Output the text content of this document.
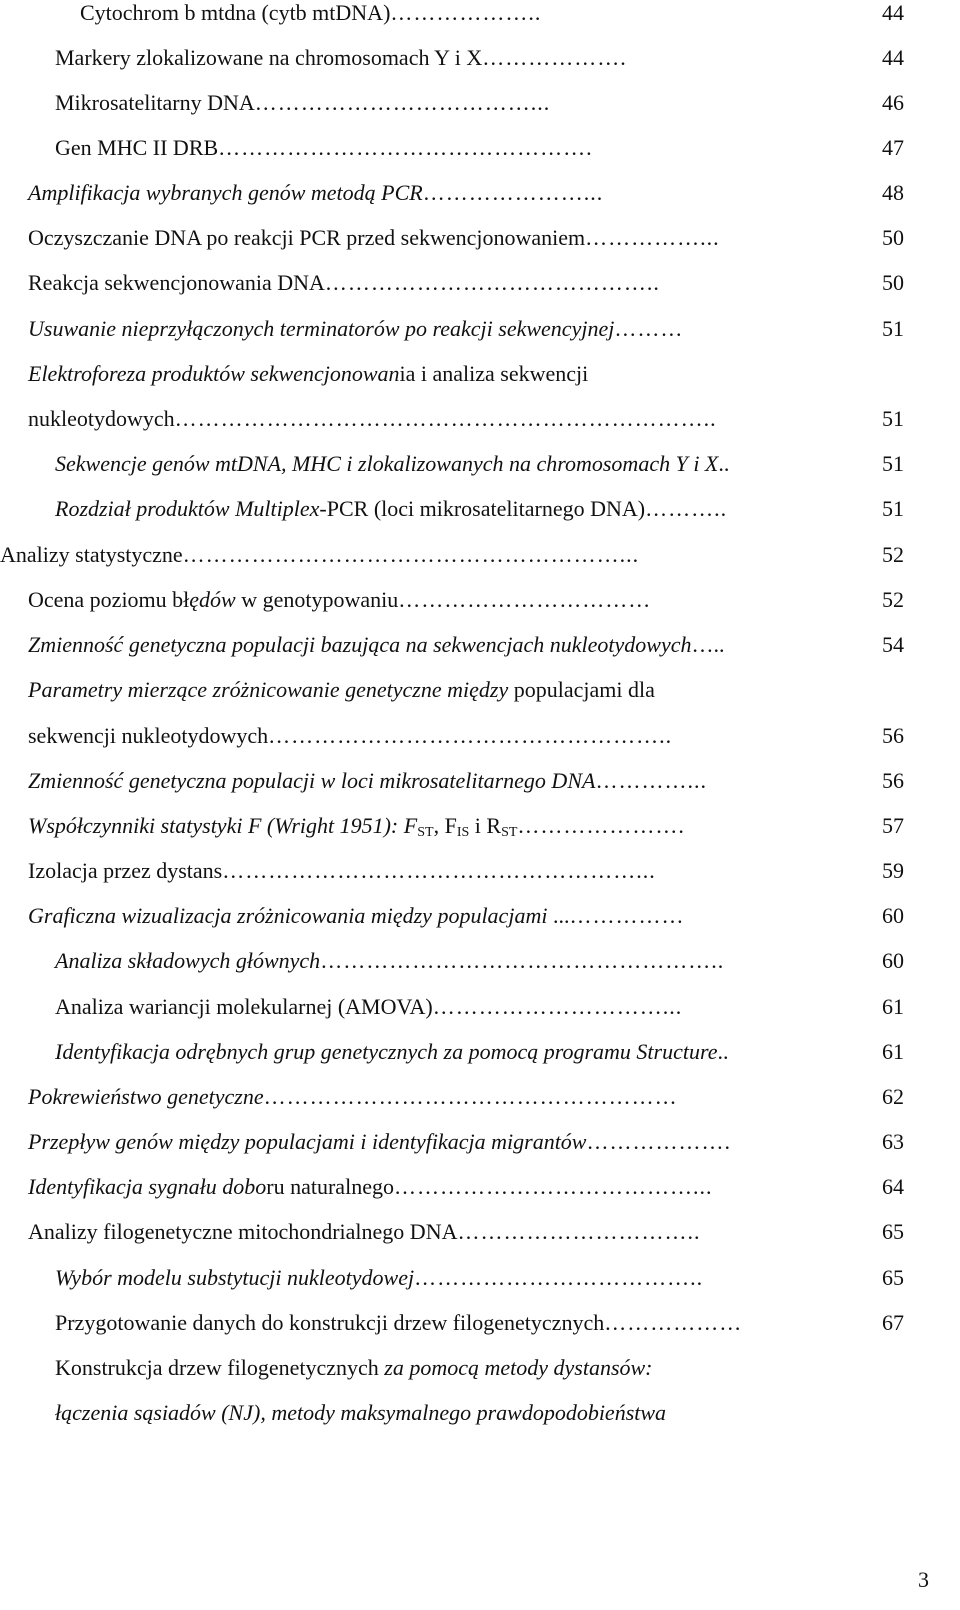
Cytochrom b mtdna (cytb mtDNA) ………………..	44
Markery zlokalizowane na chromosomach Y i X ……………….	44
Mikrosatelitarny DNA ………………………………...	46
Gen MHC II DRB ………………………………………….	47
Amplifikacja wybranych genów metodą PCR …………………...	48
Oczyszczanie DNA po reakcji PCR przed sekwencjonowaniem ……………...	50
Reakcja sekwencjonowania DNA ……………………………………..	50
Usuwanie nieprzyłączonych terminatorów po reakcji sekwencyjnej ………	51
Elektroforeza produktów sekwencjonowania i analiza sekwencji
nukleotydowych ……………………………………………………………..	51
Sekwencje genów mtDNA, MHC i zlokalizowanych na chromosomach Y i X..	51
Rozdział produktów Multiplex-PCR (loci mikrosatelitarnego DNA) ………..	51
Analizy statystyczne …………………………………………………...	52
Ocena poziomu błędów w genotypowaniu ……………………………	52
Zmienność genetyczna populacji bazująca na sekwencjach nukleotydowych…..	54
Parametry mierzące zróżnicowanie genetyczne między populacjami dla
sekwencji nukleotydowych ……………………………………………..	56
Zmienność genetyczna populacji w loci mikrosatelitarnego DNA …………...	56
Współczynniki statystyki F (Wright 1951): $F_{ST}$, $F_{IS}$ i $R_{ST}$ ………………….	57
Izolacja przez dystans ………………………………………………...	59
Graficzna wizualizacja zróżnicowania między populacjami ... ……………	60
Analiza składowych głównych ……………………………………………..	60
Analiza wariancji molekularnej (AMOVA) …………………………...	61
Identyfikacja odrębnych grup genetycznych za pomocą programu Structure..	61
Pokrewieństwo genetyczne ………………………………………………	62
Przepływ genów między populacjami i identyfikacja migrantów ……………….	63
Identyfikacja sygnału doboru naturalnego …………………………………...	64
Analizy filogenetyczne mitochondrialnego DNA …………………………..	65
Wybór modelu substytucji nukleotydowej ………………………………..	65
Przygotowanie danych do konstrukcji drzew filogenetycznych ………………	67
Konstrukcja drzew filogenetycznych za pomocą metody dystansów:
łączenia sąsiadów (NJ), metody maksymalnego prawdopodobieństwa
3
